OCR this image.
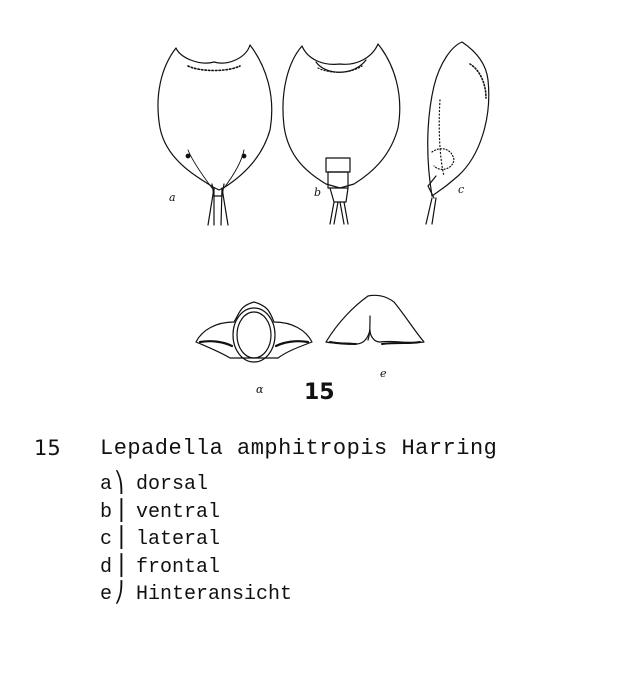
a	b	c
α
e
15
15 Lepadella amphitropis Harring
a⎞ dorsal
b⎟ ventral
c⎟ lateral
d⎟ frontal
e⎠ Hinteransicht
